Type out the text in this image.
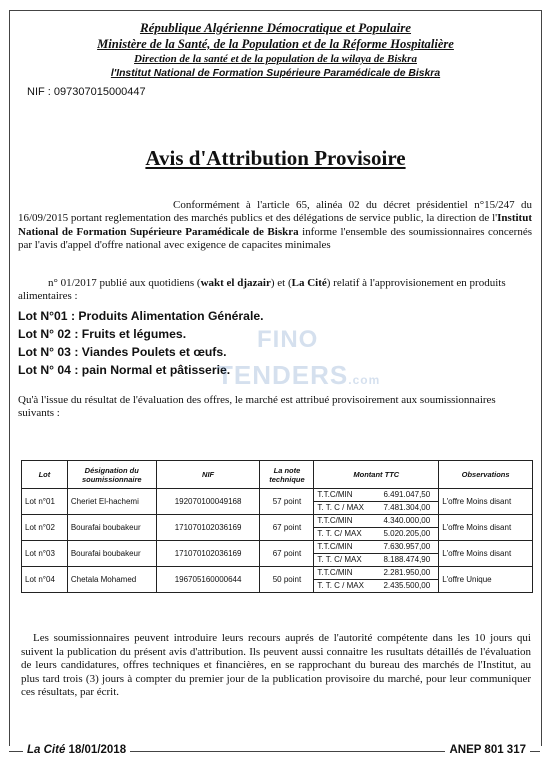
République Algérienne Démocratique et Populaire
Ministère de la Santé, de la Population et de la Réforme Hospitalière
Direction de la santé et de la population de la wilaya de Biskra
l'Institut National de Formation Supérieure Paramédicale de Biskra
NIF : 097307015000447
Avis d'Attribution Provisoire
Conformément à l'article 65, alinéa 02 du décret présidentiel n°15/247 du 16/09/2015 portant reglementation des marchés publics et des délégations de service public, la direction de l'Institut National de Formation Supérieure Paramédicale de Biskra informe l'ensemble des soumissionnaires concernés par l'avis d'appel d'offre national avec exigence de capacites minimales
n° 01/2017 publié aux quotidiens (wakt el djazair) et (La Cité) relatif à l'approvisionement en produits alimentaires :
Lot N°01 : Produits Alimentation Générale.
Lot N° 02 : Fruits et légumes.
Lot N° 03 : Viandes Poulets et œufs.
Lot N° 04 : pain Normal et pâtisserie.
FINO
TENDERS.com
Qu'à l'issue du résultat de l'évaluation des offres, le marché est attribué provisoirement aux soumissionnaires suivants :
Lot	Désignation du soumissionnaire	NIF	La note technique	Montant TTC	Observations
Lot n°01	Cheriet El-hachemi	192070100049168	57 point	T.T.C/MIN 6.491.047,50
T. T. C / MAX 7.481.304,00	L'offre Moins disant
Lot n°02	Bourafai boubakeur	171070102036169	67 point	T.T.C/MIN 4.340.000,00
T. T. C/ MAX 5.020.205,00	L'offre Moins disant
Lot n°03	Bourafai boubakeur	171070102036169	67 point	T.T.C/MIN 7.630.957,00
T. T. C/ MAX 8.188.474,90	L'offre Moins disant
Lot n°04	Chetala Mohamed	196705160000644	50 point	T.T.C/MIN 2.281.950,00
T. T. C / MAX 2.435.500,00	L'offre Unique
Les soumissionnaires peuvent introduire leurs recours auprés de l'autorité compétente dans les 10 jours qui suivent la publication du présent avis d'attribution. Ils peuvent aussi connaitre les rusultats détaillés de l'évaluation de leurs candidatures, offres techniques et financières, en se rapprochant du bureau des marchés de l'Institut, au plus tard trois (3) jours à compter du premier jour de la publication provisoire du marché, pour leur communiquer ces résultats, par écrit.
La Cité 18/01/2018	ANEP 801 317
